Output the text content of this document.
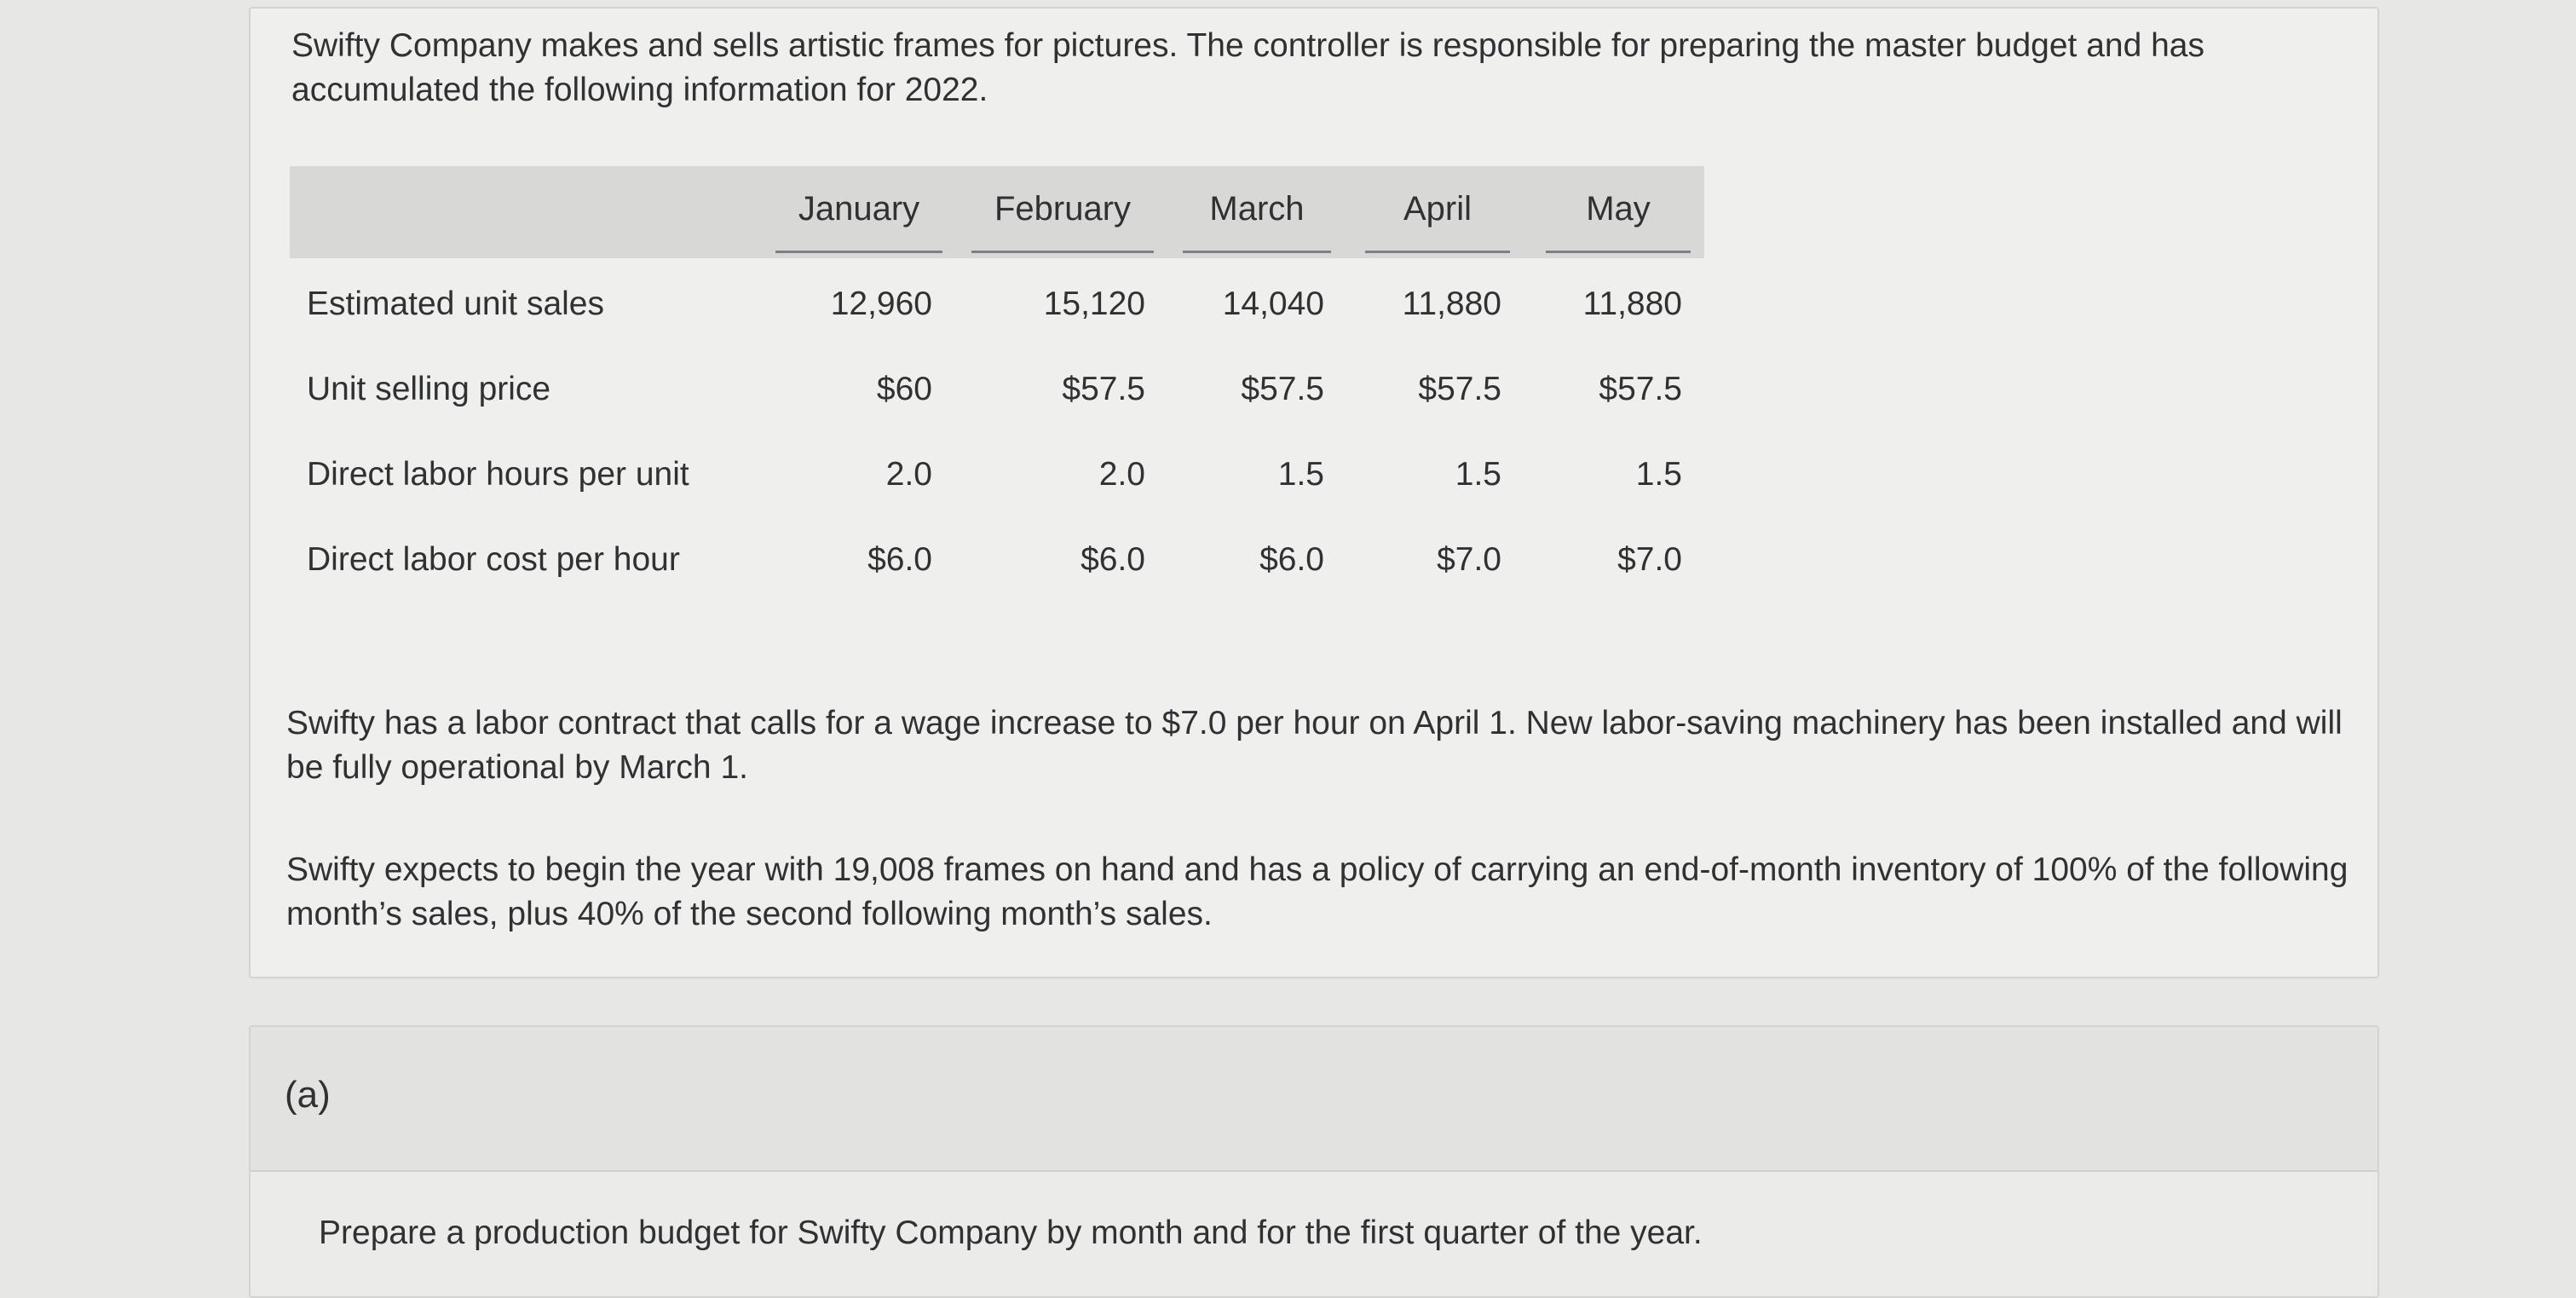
Swifty Company makes and sells artistic frames for pictures. The controller is responsible for preparing the master budget and has accumulated the following information for 2022.

January	February	March	April	May
Estimated unit sales	12,960	15,120	14,040	11,880	11,880
Unit selling price	$60	$57.5	$57.5	$57.5	$57.5
Direct labor hours per unit	2.0	2.0	1.5	1.5	1.5
Direct labor cost per hour	$6.0	$6.0	$6.0	$7.0	$7.0

Swifty has a labor contract that calls for a wage increase to $7.0 per hour on April 1. New labor-saving machinery has been installed and will be fully operational by March 1.

Swifty expects to begin the year with 19,008 frames on hand and has a policy of carrying an end-of-month inventory of 100% of the following month’s sales, plus 40% of the second following month’s sales.

(a)
Prepare a production budget for Swifty Company by month and for the first quarter of the year.
